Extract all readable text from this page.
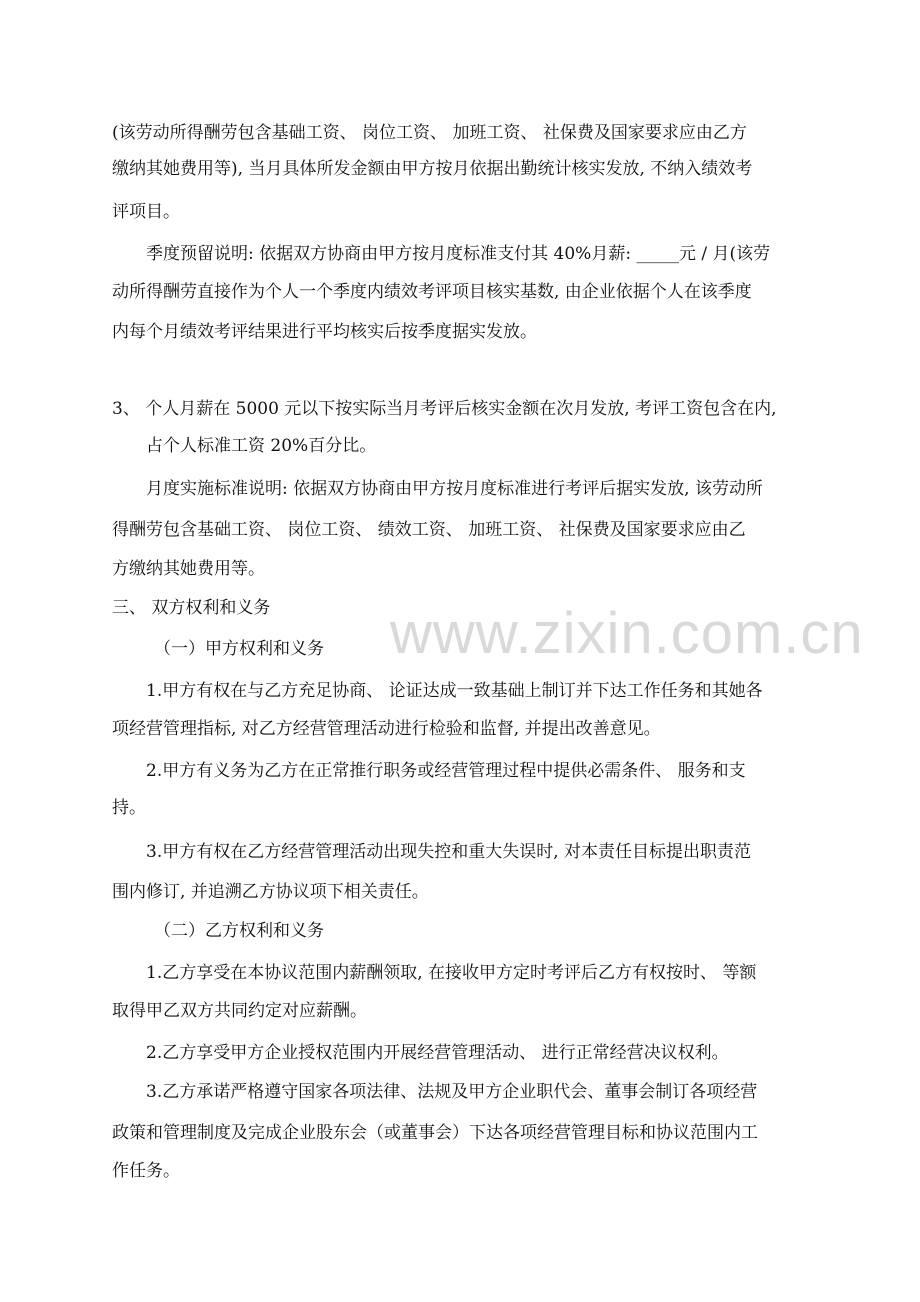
www.zixin.com.cn
(该劳动所得酬劳包含基础工资、 岗位工资、 加班工资、 社保费及国家要求应由乙方
缴纳其她费用等), 当月具体所发金额由甲方按月依据出勤统计核实发放, 不纳入绩效考
评项目。
季度预留说明: 依据双方协商由甲方按月度标准支付其 40%月薪: _____元 / 月(该劳
动所得酬劳直接作为个人一个季度内绩效考评项目核实基数, 由企业依据个人在该季度
内每个月绩效考评结果进行平均核实后按季度据实发放。
3、 个人月薪在 5000 元以下按实际当月考评后核实金额在次月发放, 考评工资包含在内,
占个人标准工资 20%百分比。
月度实施标准说明: 依据双方协商由甲方按月度标准进行考评后据实发放, 该劳动所
得酬劳包含基础工资、 岗位工资、 绩效工资、 加班工资、 社保费及国家要求应由乙
方缴纳其她费用等。
三、 双方权利和义务
（一）甲方权利和义务
1.甲方有权在与乙方充足协商、 论证达成一致基础上制订并下达工作任务和其她各
项经营管理指标, 对乙方经营管理活动进行检验和监督, 并提出改善意见。
2.甲方有义务为乙方在正常推行职务或经营管理过程中提供必需条件、 服务和支
持。
3.甲方有权在乙方经营管理活动出现失控和重大失误时, 对本责任目标提出职责范
围内修订, 并追溯乙方协议项下相关责任。
（二）乙方权利和义务
1.乙方享受在本协议范围内薪酬领取, 在接收甲方定时考评后乙方有权按时、 等额
取得甲乙双方共同约定对应薪酬。
2.乙方享受甲方企业授权范围内开展经营管理活动、 进行正常经营决议权利。
3.乙方承诺严格遵守国家各项法律、法规及甲方企业职代会、董事会制订各项经营
政策和管理制度及完成企业股东会（或董事会）下达各项经营管理目标和协议范围内工
作任务。
